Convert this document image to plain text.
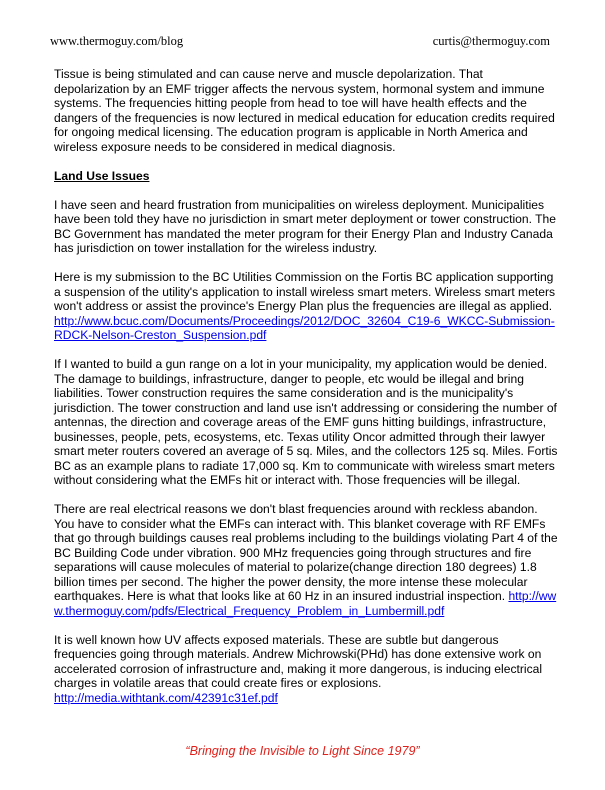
www.thermoguy.com/blog	curtis@thermoguy.com

Tissue is being stimulated and can cause nerve and muscle depolarization. That depolarization by an EMF trigger affects the nervous system, hormonal system and immune systems. The frequencies hitting people from head to toe will have health effects and the dangers of the frequencies is now lectured in medical education for education credits required for ongoing medical licensing. The education program is applicable in North America and wireless exposure needs to be considered in medical diagnosis.

Land Use Issues

I have seen and heard frustration from municipalities on wireless deployment. Municipalities have been told they have no jurisdiction in smart meter deployment or tower construction. The BC Government has mandated the meter program for their Energy Plan and Industry Canada has jurisdiction on tower installation for the wireless industry.

Here is my submission to the BC Utilities Commission on the Fortis BC application supporting a suspension of the utility's application to install wireless smart meters. Wireless smart meters won't address or assist the province's Energy Plan plus the frequencies are illegal as applied. http://www.bcuc.com/Documents/Proceedings/2012/DOC_32604_C19-6_WKCC-Submission-RDCK-Nelson-Creston_Suspension.pdf

If I wanted to build a gun range on a lot in your municipality, my application would be denied. The damage to buildings, infrastructure, danger to people, etc would be illegal and bring liabilities. Tower construction requires the same consideration and is the municipality's jurisdiction. The tower construction and land use isn't addressing or considering the number of antennas, the direction and coverage areas of the EMF guns hitting buildings, infrastructure, businesses, people, pets, ecosystems, etc. Texas utility Oncor admitted through their lawyer smart meter routers covered an average of 5 sq. Miles, and the collectors 125 sq. Miles. Fortis BC as an example plans to radiate 17,000 sq. Km to communicate with wireless smart meters without considering what the EMFs hit or interact with. Those frequencies will be illegal.

There are real electrical reasons we don't blast frequencies around with reckless abandon. You have to consider what the EMFs can interact with. This blanket coverage with RF EMFs that go through buildings causes real problems including to the buildings violating Part 4 of the BC Building Code under vibration. 900 MHz frequencies going through structures and fire separations will cause molecules of material to polarize(change direction 180 degrees) 1.8 billion times per second. The higher the power density, the more intense these molecular earthquakes. Here is what that looks like at 60 Hz in an insured industrial inspection. http://www.thermoguy.com/pdfs/Electrical_Frequency_Problem_in_Lumbermill.pdf

It is well known how UV affects exposed materials. These are subtle but dangerous frequencies going through materials. Andrew Michrowski(PHd) has done extensive work on accelerated corrosion of infrastructure and, making it more dangerous, is inducing electrical charges in volatile areas that could create fires or explosions.
http://media.withtank.com/42391c31ef.pdf

“Bringing the Invisible to Light Since 1979”
